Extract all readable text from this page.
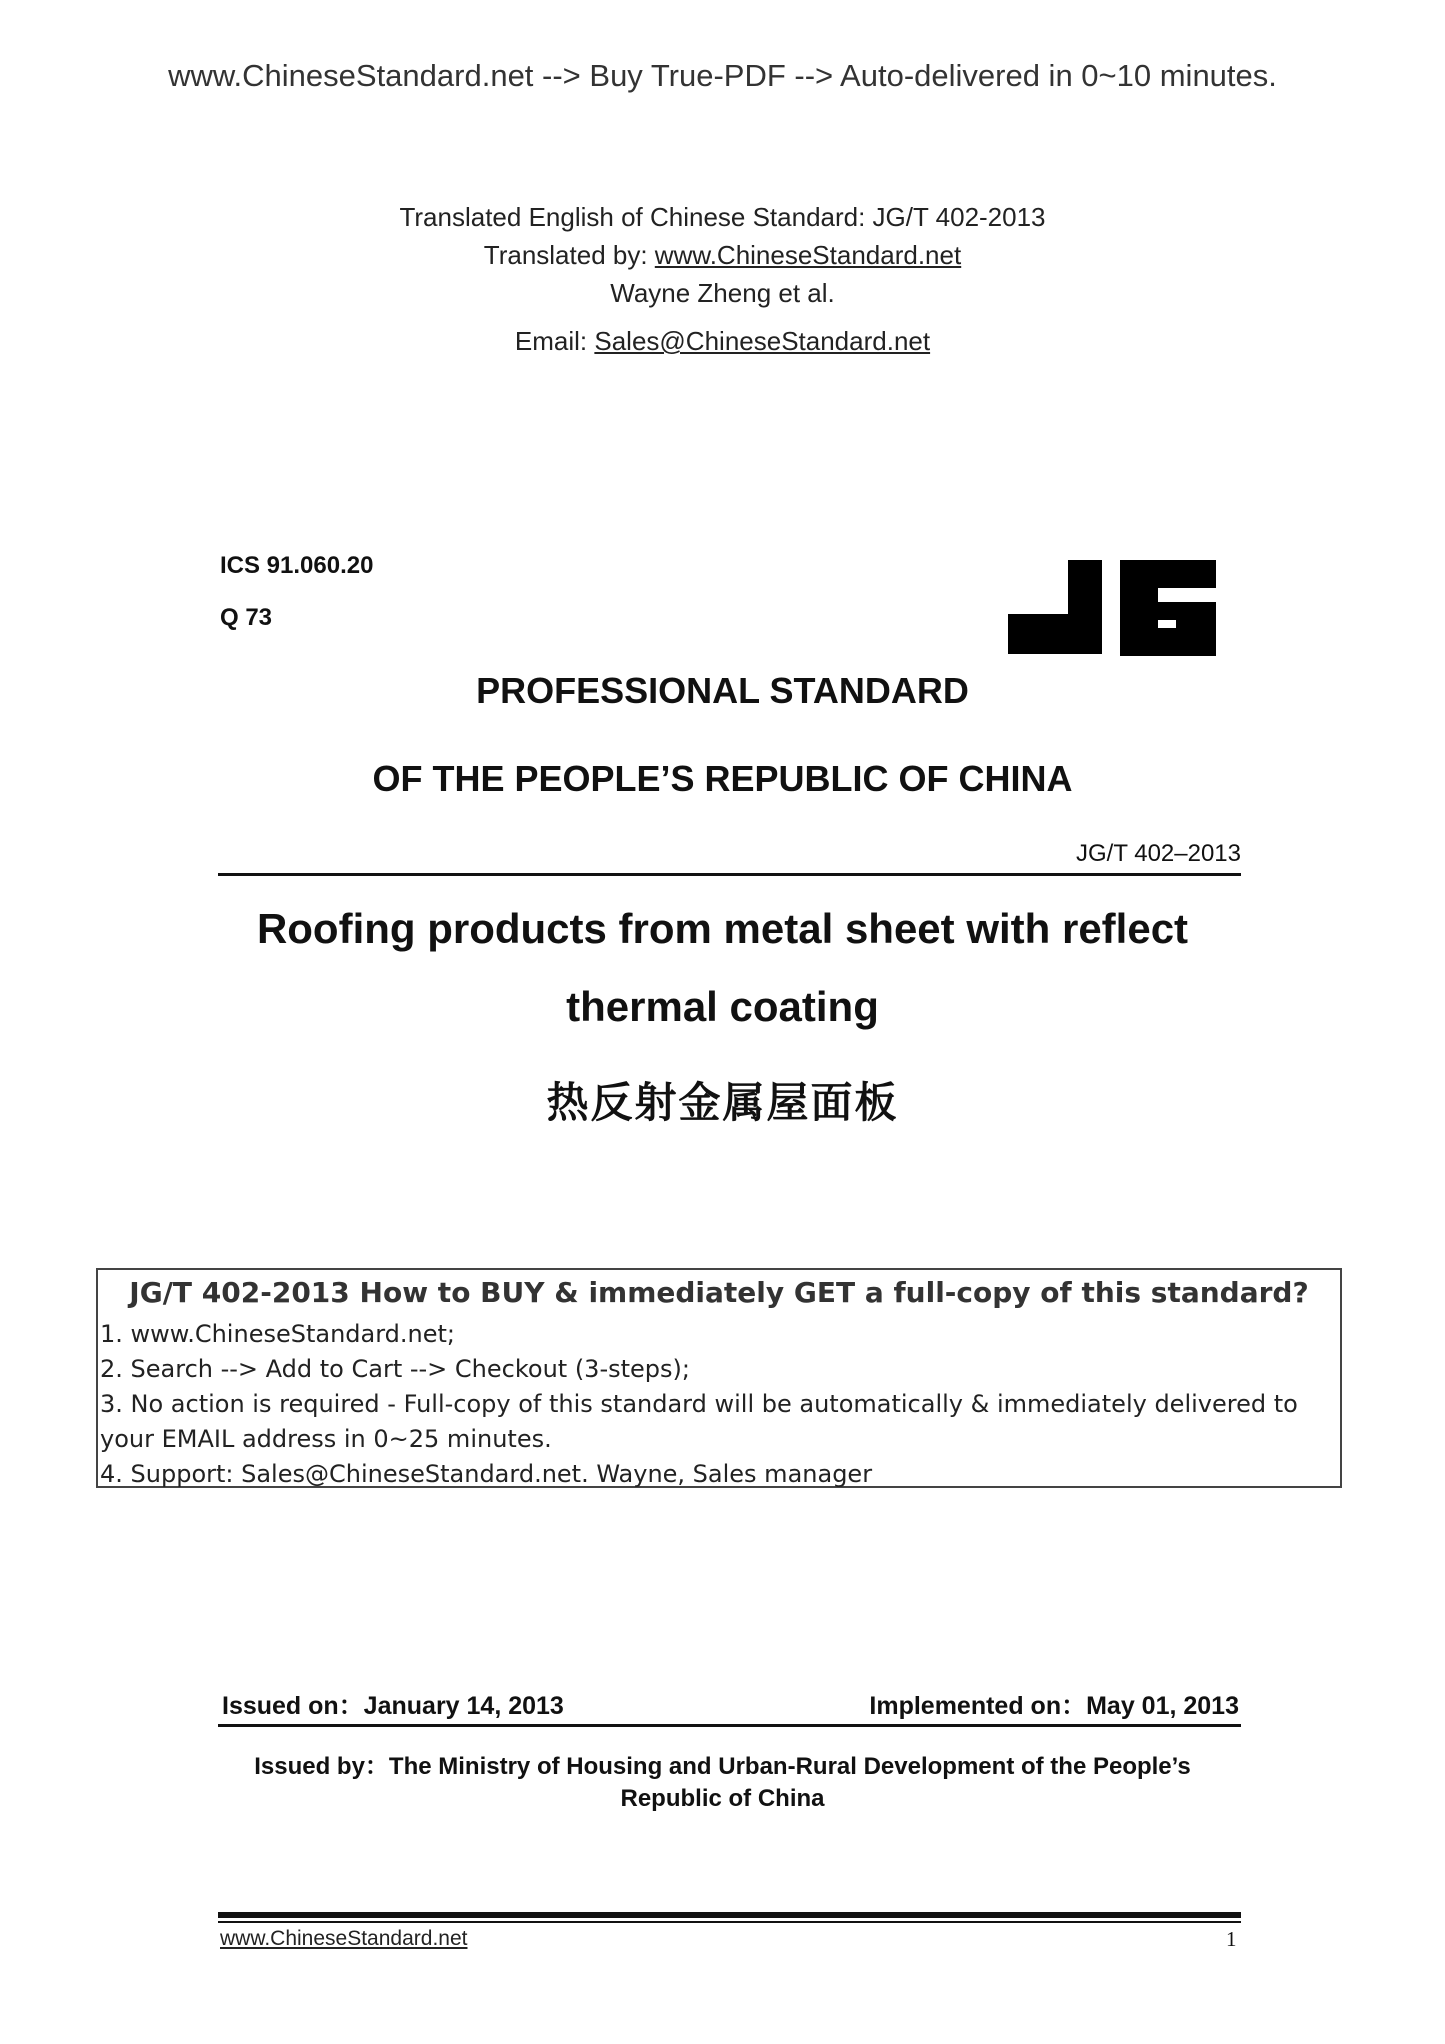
www.ChineseStandard.net --> Buy True-PDF --> Auto-delivered in 0~10 minutes.
Translated English of Chinese Standard: JG/T 402-2013
Translated by: www.ChineseStandard.net
Wayne Zheng et al.
Email: Sales@ChineseStandard.net
ICS 91.060.20
Q 73
PROFESSIONAL STANDARD
OF THE PEOPLE’S REPUBLIC OF CHINA
JG/T 402–2013
Roofing products from metal sheet with reflect
thermal coating
热反射金属屋面板
JG/T 402-2013 How to BUY & immediately GET a full-copy of this standard?
1. www.ChineseStandard.net;
2. Search --> Add to Cart --> Checkout (3-steps);
3. No action is required - Full-copy of this standard will be automatically & immediately delivered to
your EMAIL address in 0~25 minutes.
4. Support: Sales@ChineseStandard.net. Wayne, Sales manager
Issued on：January 14, 2013	Implemented on：May 01, 2013
Issued by：The Ministry of Housing and Urban-Rural Development of the People’s
Republic of China
www.ChineseStandard.net	1
